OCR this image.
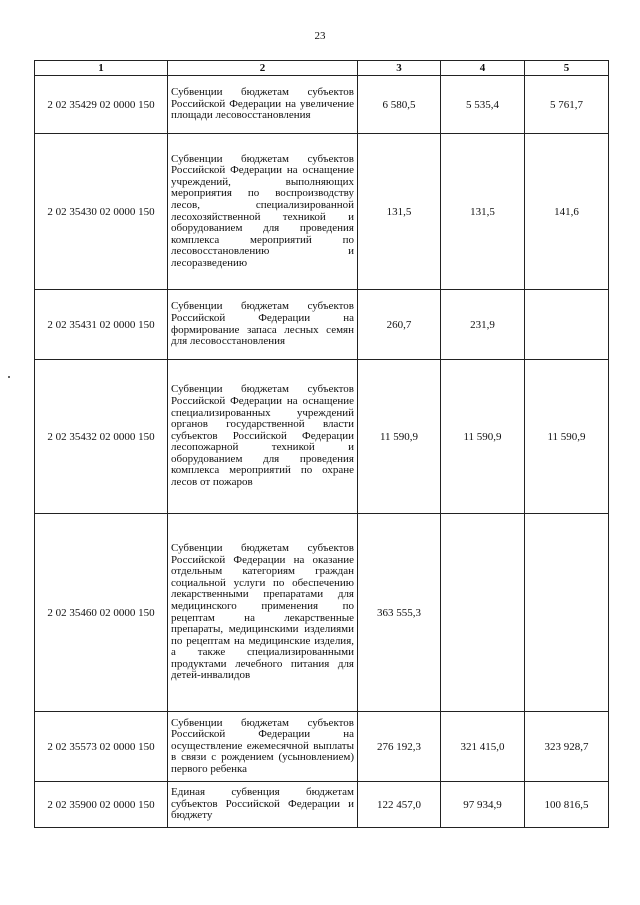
23
1	2	3	4	5
2 02 35429 02 0000 150	Субвенции бюджетам субъектов Российской Федерации на увеличение площади лесовосстановления	6 580,5	5 535,4	5 761,7
2 02 35430 02 0000 150	Субвенции бюджетам субъектов Российской Федерации на оснащение учреждений, выполняющих мероприятия по воспроизводству лесов, специализированной лесохозяйственной техникой и оборудованием для проведения комплекса мероприятий по лесовосстановлению и лесоразведению	131,5	131,5	141,6
2 02 35431 02 0000 150	Субвенции бюджетам субъектов Российской Федерации на формирование запаса лесных семян для лесовосстановления	260,7	231,9	
2 02 35432 02 0000 150	Субвенции бюджетам субъектов Российской Федерации на оснащение специализированных учреждений органов государственной власти субъектов Российской Федерации лесопожарной техникой и оборудованием для проведения комплекса мероприятий по охране лесов от пожаров	11 590,9	11 590,9	11 590,9
2 02 35460 02 0000 150	Субвенции бюджетам субъектов Российской Федерации на оказание отдельным категориям граждан социальной услуги по обеспечению лекарственными препаратами для медицинского применения по рецептам на лекарственные препараты, медицинскими изделиями по рецептам на медицинские изделия, а также специализированными продуктами лечебного питания для детей-инвалидов	363 555,3		
2 02 35573 02 0000 150	Субвенции бюджетам субъектов Российской Федерации на осуществление ежемесячной выплаты в связи с рождением (усыновлением) первого ребенка	276 192,3	321 415,0	323 928,7
2 02 35900 02 0000 150	Единая субвенция бюджетам субъектов Российской Федерации и бюджету	122 457,0	97 934,9	100 816,5
